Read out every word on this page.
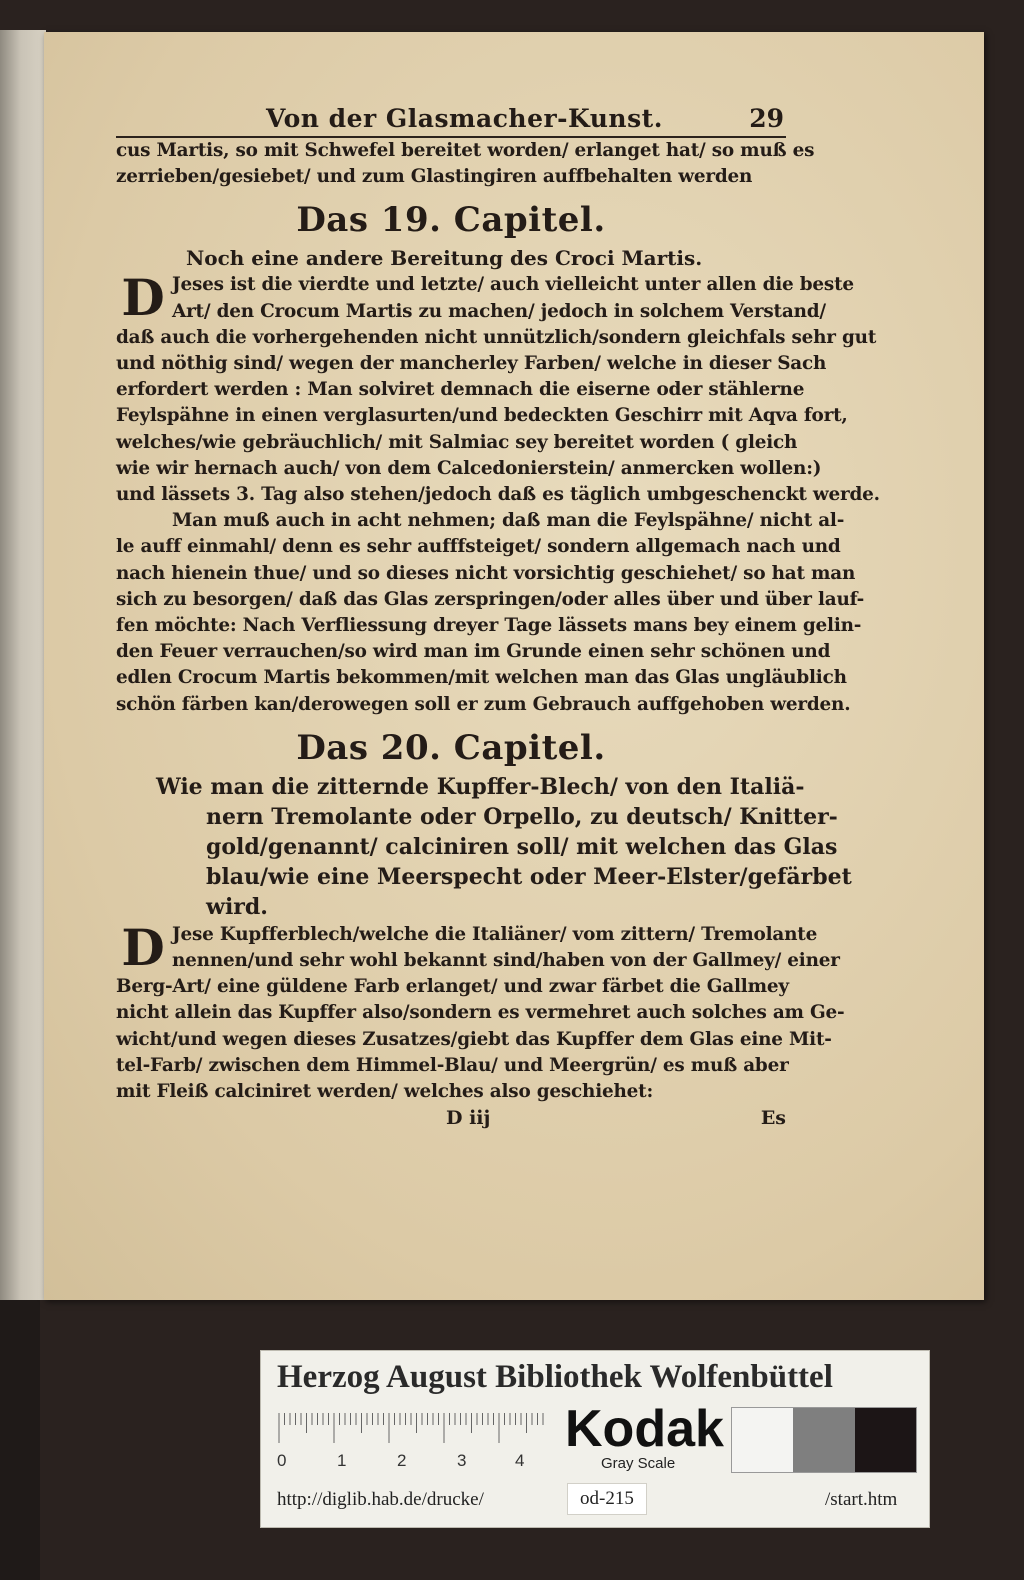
Von der Glasmacher-Kunst.	29
cus Martis, so mit Schwefel bereitet worden/ erlanget hat/ so muß es
zerrieben/gesiebet/ und zum Glastingiren auffbehalten werden
Das 19. Capitel.
Noch eine andere Bereitung des Croci Martis.
D Jeses ist die vierdte und letzte/ auch vielleicht unter allen die beste
Art/ den Crocum Martis zu machen/ jedoch in solchem Verstand/
daß auch die vorhergehenden nicht unnützlich/sondern gleichfals sehr gut
und nöthig sind/ wegen der mancherley Farben/ welche in dieser Sach
erfordert werden : Man solviret demnach die eiserne oder stählerne
Feylspähne in einen verglasurten/und bedeckten Geschirr mit Aqva fort,
welches/wie gebräuchlich/ mit Salmiac sey bereitet worden ( gleich
wie wir hernach auch/ von dem Calcedonierstein/ anmercken wollen:)
und lässets 3. Tag also stehen/jedoch daß es täglich umbgeschenckt werde.
Man muß auch in acht nehmen; daß man die Feylspähne/ nicht al-
le auff einmahl/ denn es sehr aufffsteiget/ sondern allgemach nach und
nach hienein thue/ und so dieses nicht vorsichtig geschiehet/ so hat man
sich zu besorgen/ daß das Glas zerspringen/oder alles über und über lauf-
fen möchte: Nach Verfliessung dreyer Tage lässets mans bey einem gelin-
den Feuer verrauchen/so wird man im Grunde einen sehr schönen und
edlen Crocum Martis bekommen/mit welchen man das Glas ungläublich
schön färben kan/derowegen soll er zum Gebrauch auffgehoben werden.
Das 20. Capitel.
Wie man die zitternde Kupffer-Blech/ von den Italiä-
nern Tremolante oder Orpello, zu deutsch/ Knitter-
gold/genannt/ calciniren soll/ mit welchen das Glas
blau/wie eine Meerspecht oder Meer-Elster/gefärbet
wird.
D Jese Kupfferblech/welche die Italiäner/ vom zittern/ Tremolante
nennen/und sehr wohl bekannt sind/haben von der Gallmey/ einer
Berg-Art/ eine güldene Farb erlanget/ und zwar färbet die Gallmey
nicht allein das Kupffer also/sondern es vermehret auch solches am Ge-
wicht/und wegen dieses Zusatzes/giebt das Kupffer dem Glas eine Mit-
tel-Farb/ zwischen dem Himmel-Blau/ und Meergrün/ es muß aber
mit Fleiß calciniret werden/ welches also geschiehet:
D iij	Es
Herzog August Bibliothek Wolfenbüttel
0	1	2	3	4
Kodak
Gray Scale
http://diglib.hab.de/drucke/	od-215	/start.htm
